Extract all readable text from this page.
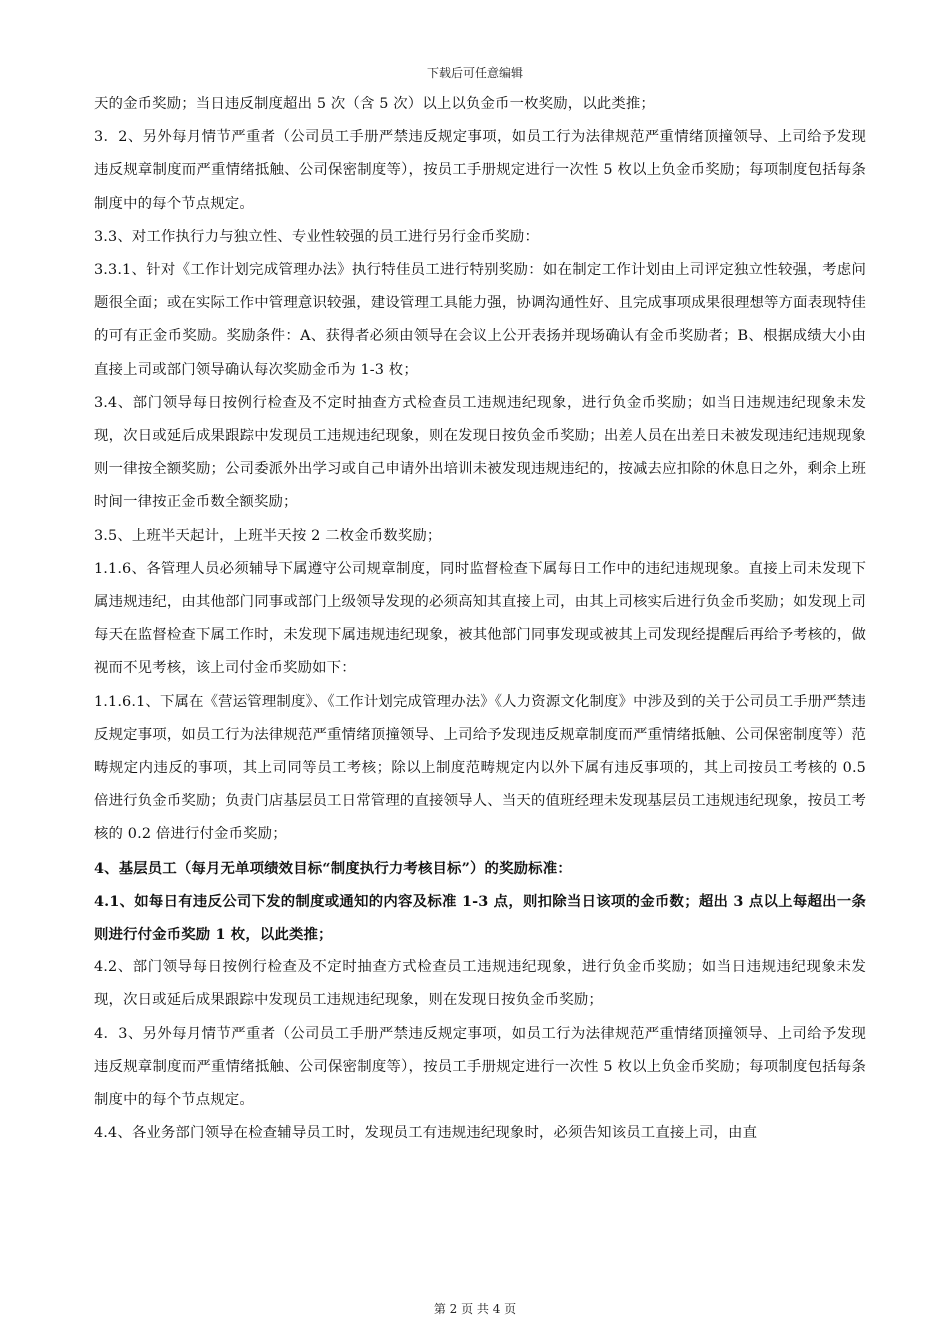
下载后可任意编辑

天的金币奖励；当日违反制度超出 5 次（含 5 次）以上以负金币一枚奖励，以此类推；

3．2、另外每月情节严重者（公司员工手册严禁违反规定事项，如员工行为法律规范严重情绪顶撞领导、上司给予发现违反规章制度而严重情绪抵触、公司保密制度等），按员工手册规定进行一次性 5 枚以上负金币奖励；每项制度包括每条制度中的每个节点规定。

3.3、对工作执行力与独立性、专业性较强的员工进行另行金币奖励：

3.3.1、针对《工作计划完成管理办法》执行特佳员工进行特别奖励：如在制定工作计划由上司评定独立性较强，考虑问题很全面；或在实际工作中管理意识较强，建设管理工具能力强，协调沟通性好、且完成事项成果很理想等方面表现特佳的可有正金币奖励。奖励条件：A、获得者必须由领导在会议上公开表扬并现场确认有金币奖励者；B、根据成绩大小由直接上司或部门领导确认每次奖励金币为 1-3 枚；

3.4、部门领导每日按例行检查及不定时抽查方式检查员工违规违纪现象，进行负金币奖励；如当日违规违纪现象未发现，次日或延后成果跟踪中发现员工违规违纪现象，则在发现日按负金币奖励；出差人员在出差日未被发现违纪违规现象则一律按全额奖励；公司委派外出学习或自己申请外出培训未被发现违规违纪的，按减去应扣除的休息日之外，剩余上班时间一律按正金币数全额奖励；

3.5、上班半天起计，上班半天按 2 二枚金币数奖励；

1.1.6、各管理人员必须辅导下属遵守公司规章制度，同时监督检查下属每日工作中的违纪违规现象。直接上司未发现下属违规违纪，由其他部门同事或部门上级领导发现的必须高知其直接上司，由其上司核实后进行负金币奖励；如发现上司每天在监督检查下属工作时，未发现下属违规违纪现象，被其他部门同事发现或被其上司发现经提醒后再给予考核的，做视而不见考核，该上司付金币奖励如下：

1.1.6.1、下属在《营运管理制度》、《工作计划完成管理办法》《人力资源文化制度》中涉及到的关于公司员工手册严禁违反规定事项，如员工行为法律规范严重情绪顶撞领导、上司给予发现违反规章制度而严重情绪抵触、公司保密制度等）范畴规定内违反的事项，其上司同等员工考核；除以上制度范畴规定内以外下属有违反事项的，其上司按员工考核的 0.5 倍进行负金币奖励；负责门店基层员工日常管理的直接领导人、当天的值班经理未发现基层员工违规违纪现象，按员工考核的 0.2 倍进行付金币奖励；

4、基层员工（每月无单项绩效目标“制度执行力考核目标”）的奖励标准：

4.1、如每日有违反公司下发的制度或通知的内容及标准 1-3 点，则扣除当日该项的金币数；超出 3 点以上每超出一条则进行付金币奖励 1 枚，以此类推；

4.2、部门领导每日按例行检查及不定时抽查方式检查员工违规违纪现象，进行负金币奖励；如当日违规违纪现象未发现，次日或延后成果跟踪中发现员工违规违纪现象，则在发现日按负金币奖励；

4．3、另外每月情节严重者（公司员工手册严禁违反规定事项，如员工行为法律规范严重情绪顶撞领导、上司给予发现违反规章制度而严重情绪抵触、公司保密制度等），按员工手册规定进行一次性 5 枚以上负金币奖励；每项制度包括每条制度中的每个节点规定。

4.4、各业务部门领导在检查辅导员工时，发现员工有违规违纪现象时，必须告知该员工直接上司，由直

第 2 页 共 4 页
